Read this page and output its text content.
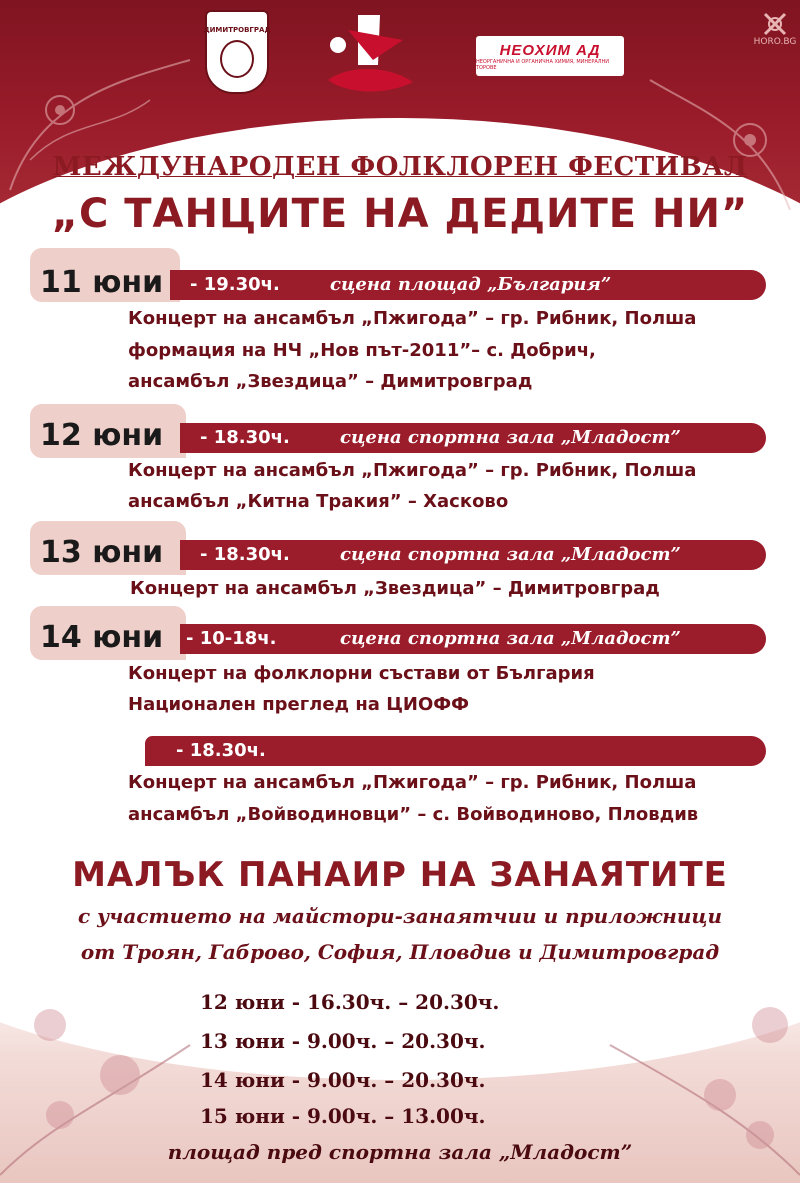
ДИМИТРОВГРАД
НЕОХИМ АД
НЕОРГАНИЧНА И ОРГАНИЧНА ХИМИЯ, МИНЕРАЛНИ ТОРОВЕ
HORO.BG
МЕЖДУНАРОДЕН ФОЛКЛОРЕН ФЕСТИВАЛ
„С ТАНЦИТЕ НА ДЕДИТЕ НИ”
11 юни - 19.30ч.	сцена площад „България”
Концерт на ансамбъл „Пжигода” – гр. Рибник, Полша
формация на НЧ „Нов път-2011”– с. Добрич,
ансамбъл „Звездица” – Димитровград
12 юни - 18.30ч.	сцена спортна зала „Младост”
Концерт на ансамбъл „Пжигода” – гр. Рибник, Полша
ансамбъл „Китна Тракия” – Хасково
13 юни - 18.30ч.	сцена спортна зала „Младост”
Концерт на ансамбъл „Звездица” – Димитровград
14 юни - 10-18ч.	сцена спортна зала „Младост”
Концерт на фолклорни състави от България
Национален преглед на ЦИОФФ
- 18.30ч.
Концерт на ансамбъл „Пжигода” – гр. Рибник, Полша
ансамбъл „Войводиновци” – с. Войводиново, Пловдив
МАЛЪК ПАНАИР НА ЗАНАЯТИТЕ
с участието на майстори-занаятчии и приложници
от Троян, Габрово, София, Пловдив и Димитровград
12 юни - 16.30ч. – 20.30ч.
13 юни - 9.00ч. – 20.30ч.
14 юни - 9.00ч. – 20.30ч.
15 юни - 9.00ч. – 13.00ч.
площад пред спортна зала „Младост”
